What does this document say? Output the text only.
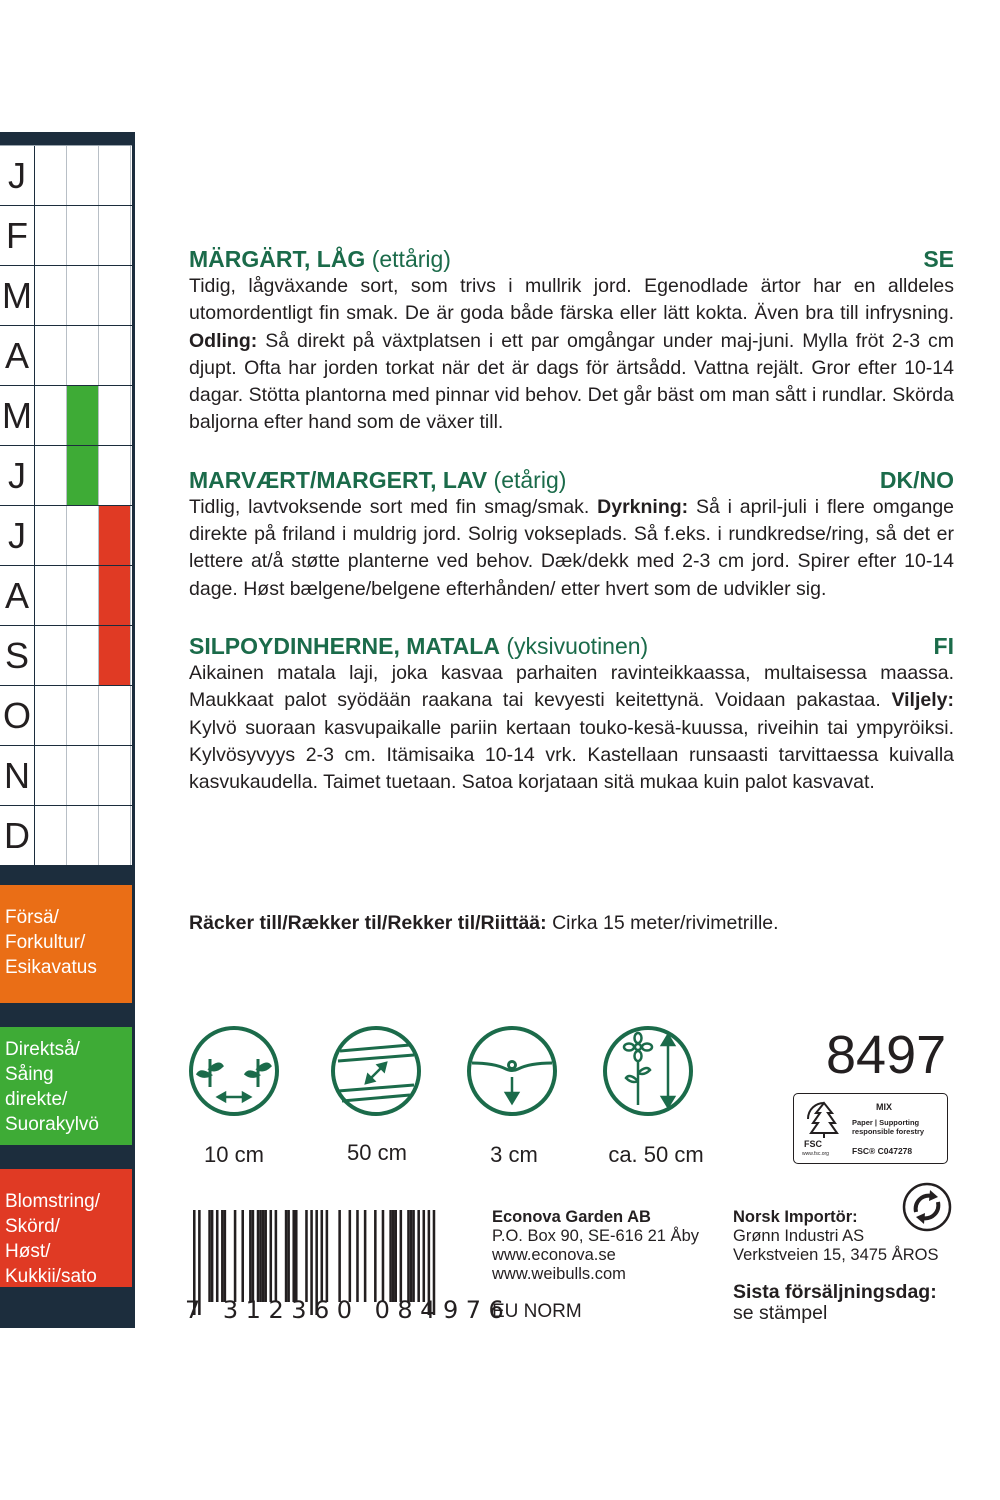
J
F
M
A
M
J
J
A
S
O
N
D
Försä/
Forkultur/
Esikavatus
Direktså/
Såing
direkte/
Suorakylvö
Blomstring/
Skörd/
Høst/
Kukkii/sato
MÄRGÄRT, LÅG (ettårig)	SE

Tidig, lågväxande sort, som trivs i mullrik jord. Egenodlade ärtor har en alldeles utomordentligt fin smak. De är goda både färska eller lätt kokta. Även bra till infrysning. Odling: Så direkt på växtplatsen i ett par omgångar under maj-juni. Mylla fröt 2-3 cm djupt. Ofta har jorden torkat när det är dags för ärtsådd. Vattna rejält. Gror efter 10-14 dagar. Stötta plantorna med pinnar vid behov. Det går bäst om man sått i rundlar. Skörda baljorna efter hand som de växer till.

MARVÆRT/MARGERT, LAV (etårig)	DK/NO

Tidlig, lavtvoksende sort med fin smag/smak. Dyrkning: Så i april-juli i flere omgange direkte på friland i muldrig jord. Solrig vokseplads. Så f.eks. i rundkredse/ring, så det er lettere at/å støtte planterne ved behov. Dæk/dekk med 2-3 cm jord. Spirer efter 10-14 dage. Høst bælgene/belgene efterhånden/ etter hvert som de udvikler sig.

SILPOYDINHERNE, MATALA (yksivuotinen)	FI

Aikainen matala laji, joka kasvaa parhaiten ravinteikkaassa, multaisessa maassa. Maukkaat palot syödään raakana tai kevyesti keitettynä. Voidaan pakastaa. Viljely: Kylvö suoraan kasvupaikalle pariin kertaan touko-kesä-kuussa, riveihin tai ympyröiksi. Kylvösyvyys 2-3 cm. Itämisaika 10-14 vrk. Kastellaan runsaasti tarvittaessa kuivalla kasvukaudella. Taimet tuetaan. Satoa korjataan sitä mukaa kuin palot kasvavat.

Räcker till/Rækker til/Rekker til/Riittää: Cirka 15 meter/rivimetrille.
10 cm	50 cm	3 cm	ca. 50 cm
8497
FSC
www.fsc.org
MIX
Paper | Supporting responsible forestry
FSC® C047278
7 312360 084976
Econova Garden AB
P.O. Box 90, SE-616 21 Åby
www.econova.se
www.weibulls.com
EU NORM
Norsk Importör:
Grønn Industri AS
Verkstveien 15, 3475 ÅROS
Sista försäljningsdag:
se stämpel
